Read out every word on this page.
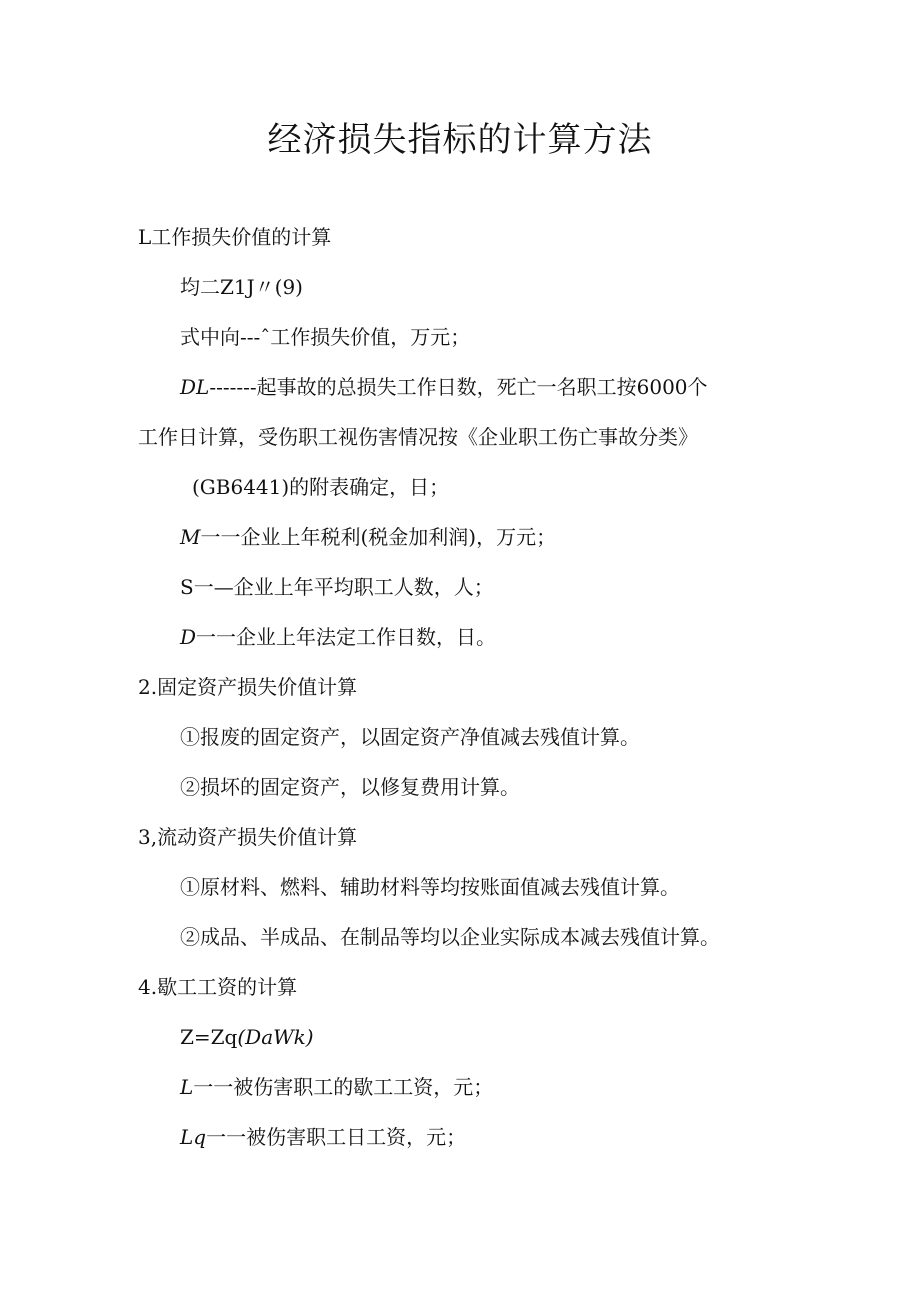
经济损失指标的计算方法
L工作损失价值的计算
均二Z1J〃(9)
式中向---ˆ工作损失价值，万元；
DL-------起事故的总损失工作日数，死亡一名职工按6000个
工作日计算，受伤职工视伤害情况按《企业职工伤亡事故分类》
(GB6441)的附表确定，日；
M一一企业上年税利(税金加利润)，万元；
S一—企业上年平均职工人数，人；
D一一企业上年法定工作日数，日。
2.固定资产损失价值计算
①报废的固定资产，以固定资产净值减去残值计算。
②损坏的固定资产，以修复费用计算。
3,流动资产损失价值计算
①原材料、燃料、辅助材料等均按账面值减去残值计算。
②成品、半成品、在制品等均以企业实际成本减去残值计算。
4.歇工工资的计算
Z=Zq(DaWk)
L一一被伤害职工的歇工工资，元；
Lq一一被伤害职工日工资，元；
